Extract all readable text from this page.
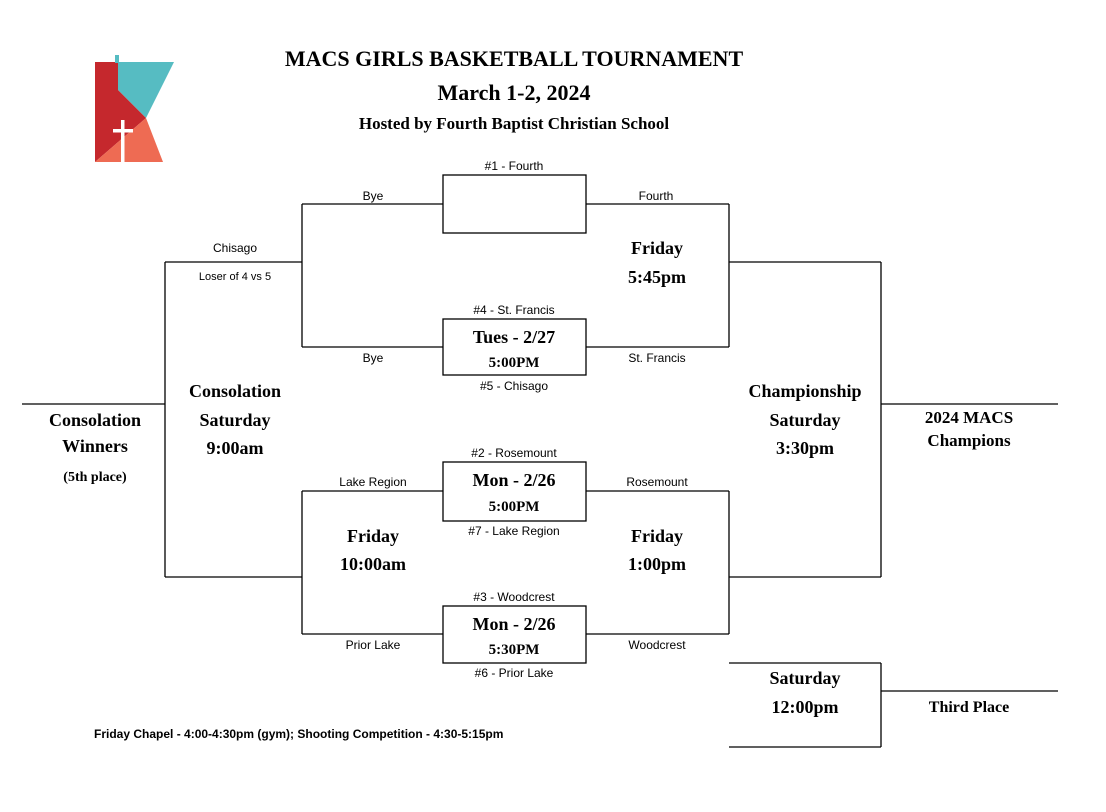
MACS GIRLS BASKETBALL TOURNAMENT
March 1-2, 2024
Hosted by Fourth Baptist Christian School
#1 - Fourth
#4 - St. Francis
#5 - Chisago
#2 - Rosemount
#7 - Lake Region
#3 - Woodcrest
#6 - Prior Lake
Tues - 2/27
5:00PM
Mon - 2/26
5:00PM
Mon - 2/26
5:30PM
Bye
Bye
Fourth
St. Francis
Rosemount
Woodcrest
Lake Region
Prior Lake
Chisago
Loser of 4 vs 5
Friday
5:45pm
Friday
1:00pm
Friday
10:00am
Consolation
Saturday
9:00am
Championship
Saturday
3:30pm
Saturday
12:00pm
Consolation
Winners
(5th place)
2024 MACS
Champions
Third Place
Friday Chapel - 4:00-4:30pm (gym); Shooting Competition - 4:30-5:15pm
